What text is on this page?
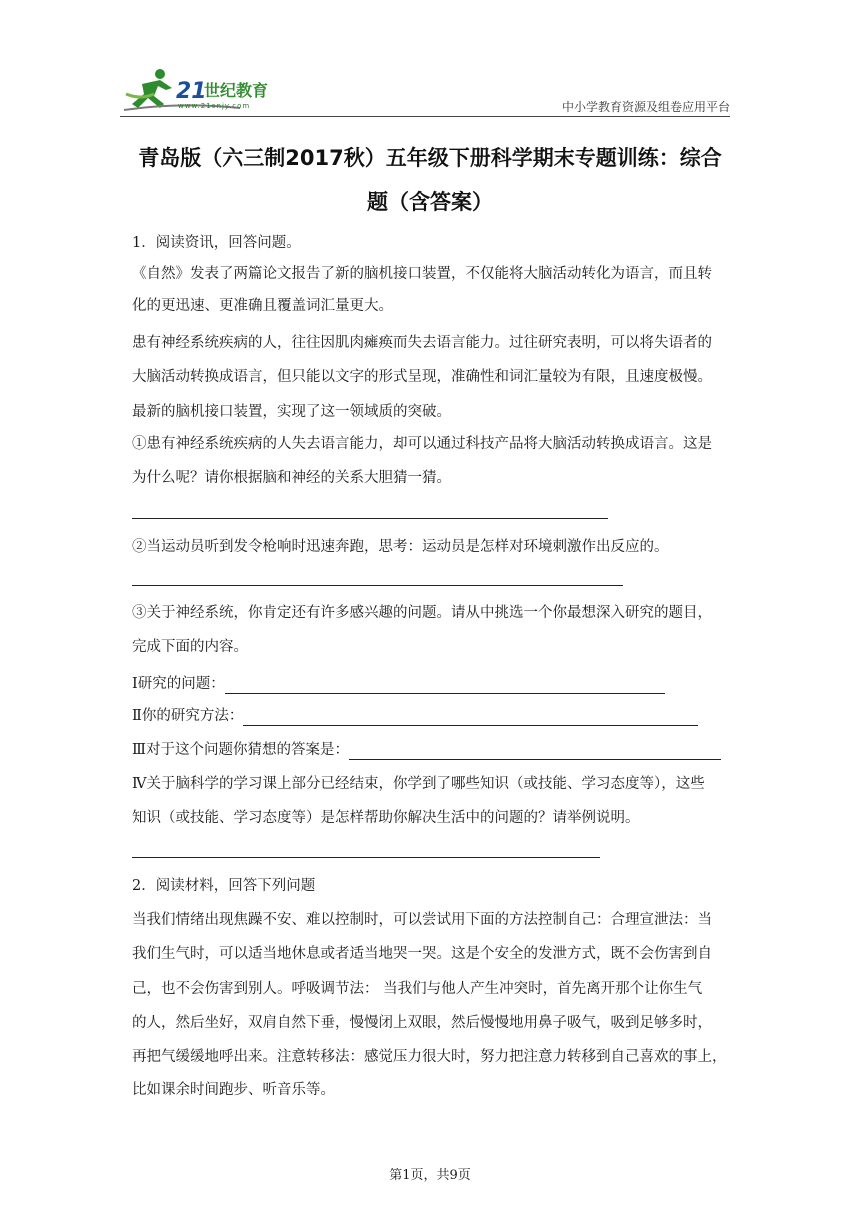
21
世纪教育
www.21cnjy.com	中小学教育资源及组卷应用平台
青岛版（六三制2017秋）五年级下册科学期末专题训练：综合
题（含答案）
1．阅读资讯，回答问题。
《自然》发表了两篇论文报告了新的脑机接口装置，不仅能将大脑活动转化为语言，而且转
化的更迅速、更准确且覆盖词汇量更大。
患有神经系统疾病的人，往往因肌肉瘫痪而失去语言能力。过往研究表明，可以将失语者的
大脑活动转换成语言，但只能以文字的形式呈现，准确性和词汇量较为有限，且速度极慢。
最新的脑机接口装置，实现了这一领域质的突破。
①患有神经系统疾病的人失去语言能力，却可以通过科技产品将大脑活动转换成语言。这是
为什么呢？请你根据脑和神经的关系大胆猜一猜。
②当运动员听到发令枪响时迅速奔跑，思考：运动员是怎样对环境刺激作出反应的。
③关于神经系统，你肯定还有许多感兴趣的问题。请从中挑选一个你最想深入研究的题目，
完成下面的内容。
Ⅰ研究的问题：
Ⅱ你的研究方法：
Ⅲ对于这个问题你猜想的答案是：
Ⅳ关于脑科学的学习课上部分已经结束，你学到了哪些知识（或技能、学习态度等），这些
知识（或技能、学习态度等）是怎样帮助你解决生活中的问题的？请举例说明。
2．阅读材料，回答下列问题
当我们情绪出现焦躁不安、难以控制时，可以尝试用下面的方法控制自己：合理宣泄法：当
我们生气时，可以适当地休息或者适当地哭一哭。这是个安全的发泄方式，既不会伤害到自
己，也不会伤害到别人。呼吸调节法： 当我们与他人产生冲突时，首先离开那个让你生气
的人，然后坐好，双肩自然下垂，慢慢闭上双眼，然后慢慢地用鼻子吸气，吸到足够多时，
再把气缓缓地呼出来。注意转移法：感觉压力很大时，努力把注意力转移到自己喜欢的事上，
比如课余时间跑步、听音乐等。
第1页，共9页
